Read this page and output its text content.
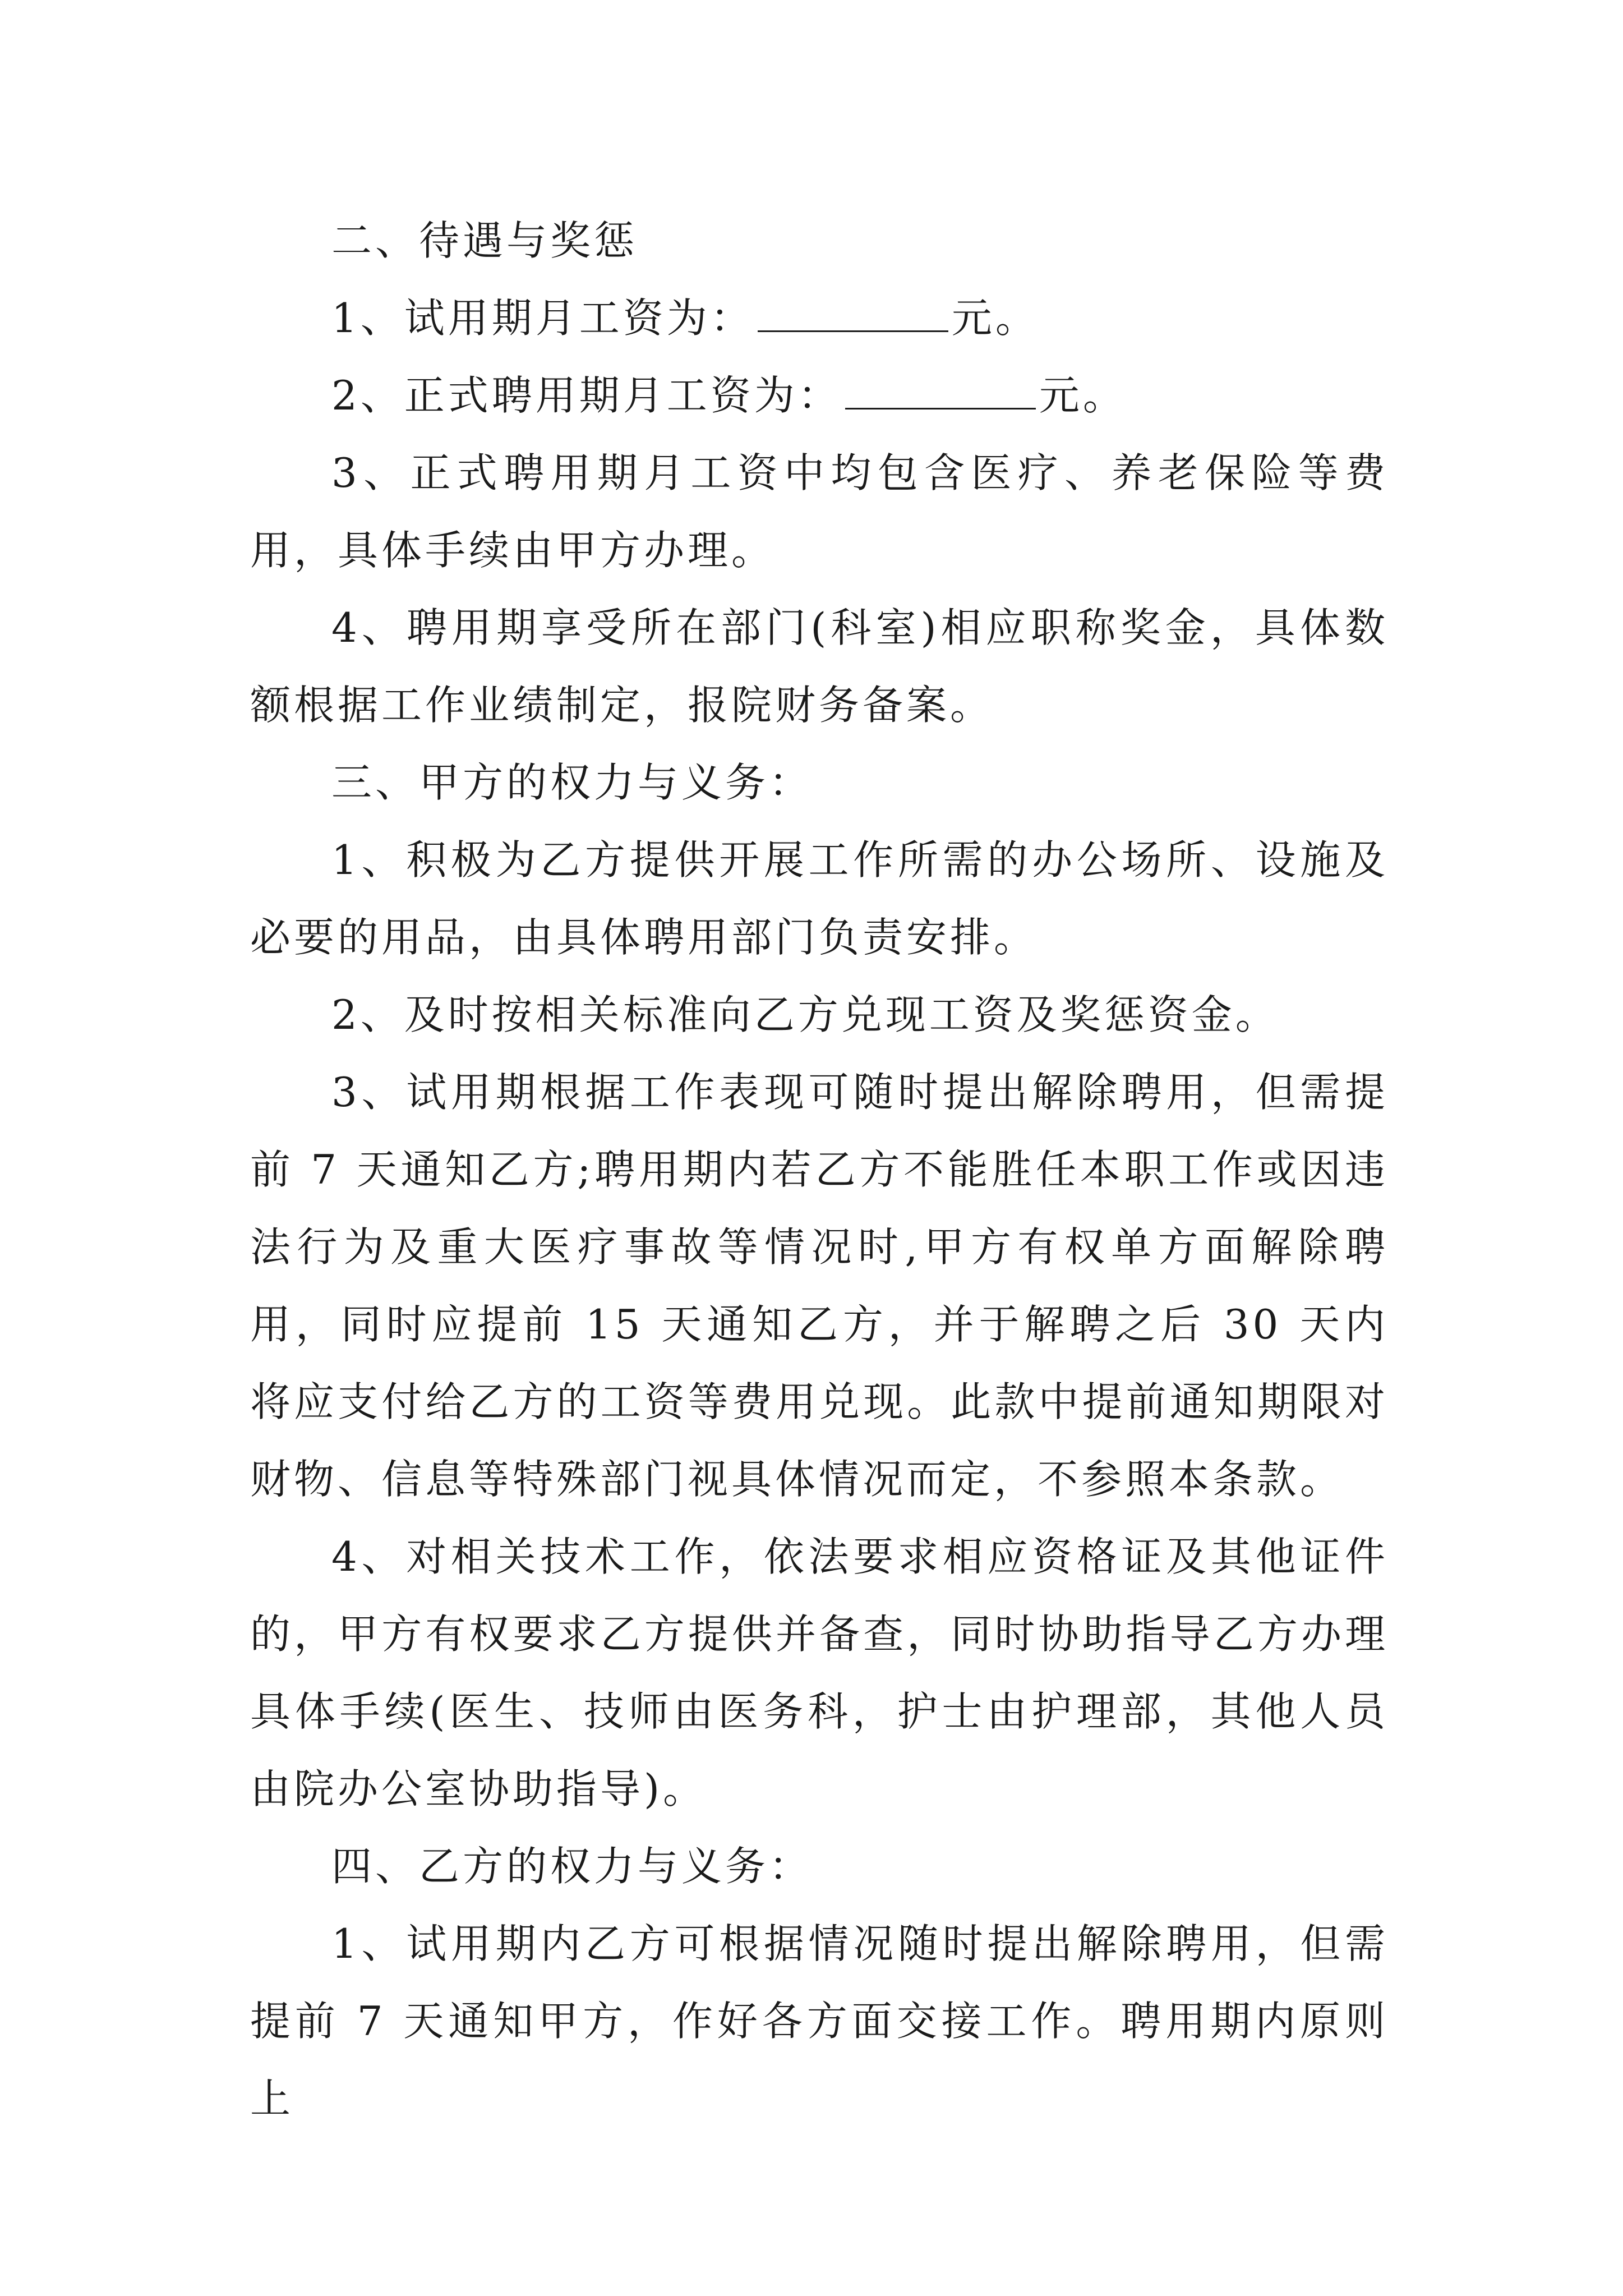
二、待遇与奖惩

1、试用期月工资为：	元。

2、正式聘用期月工资为：	元。

3、正式聘用期月工资中均包含医疗、养老保险等费用，具体手续由甲方办理。

4、聘用期享受所在部门(科室)相应职称奖金，具体数额根据工作业绩制定，报院财务备案。

三、甲方的权力与义务：

1、积极为乙方提供开展工作所需的办公场所、设施及必要的用品，由具体聘用部门负责安排。

2、及时按相关标准向乙方兑现工资及奖惩资金。

3、试用期根据工作表现可随时提出解除聘用，但需提前 7 天通知乙方;聘用期内若乙方不能胜任本职工作或因违法行为及重大医疗事故等情况时,甲方有权单方面解除聘用，同时应提前 15 天通知乙方，并于解聘之后 30 天内将应支付给乙方的工资等费用兑现。此款中提前通知期限对财物、信息等特殊部门视具体情况而定，不参照本条款。

4、对相关技术工作，依法要求相应资格证及其他证件的，甲方有权要求乙方提供并备查，同时协助指导乙方办理具体手续(医生、技师由医务科，护士由护理部，其他人员由院办公室协助指导)。

四、乙方的权力与义务：

1、试用期内乙方可根据情况随时提出解除聘用，但需提前 7 天通知甲方，作好各方面交接工作。聘用期内原则上
